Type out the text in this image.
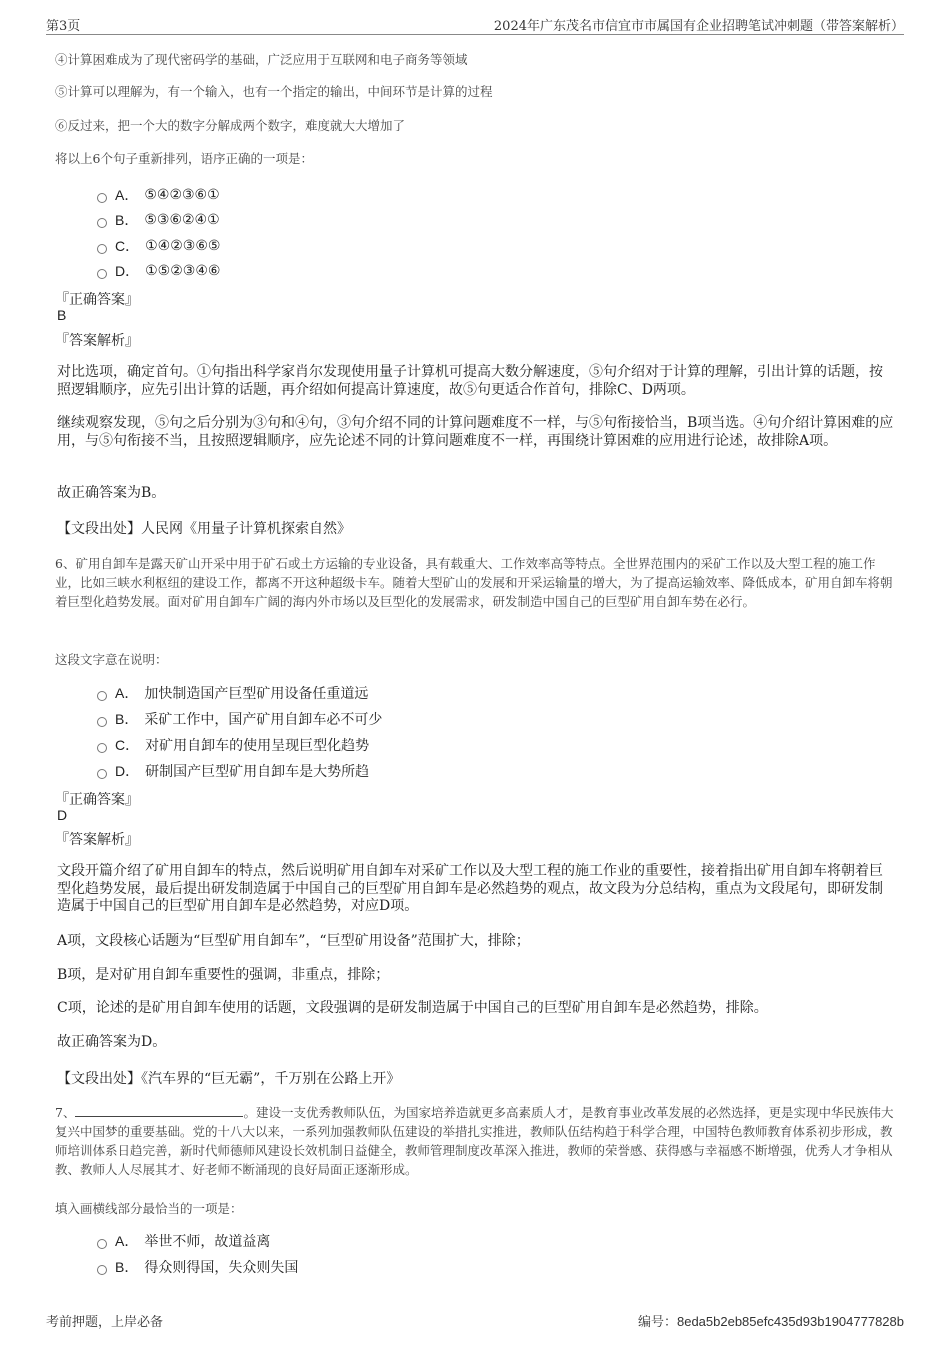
第3页	2024年广东茂名市信宜市市属国有企业招聘笔试冲刺题（带答案解析）
④计算困难成为了现代密码学的基础，广泛应用于互联网和电子商务等领域
⑤计算可以理解为，有一个输入，也有一个指定的输出，中间环节是计算的过程
⑥反过来，把一个大的数字分解成两个数字，难度就大大增加了
将以上6个句子重新排列，语序正确的一项是：
A． ⑤④②③⑥①
B． ⑤③⑥②④①
C． ①④②③⑥⑤
D． ①⑤②③④⑥
『正确答案』
B
『答案解析』
对比选项，确定首句。①句指出科学家肖尔发现使用量子计算机可提高大数分解速度，⑤句介绍对于计算的理解，引出计算的话题，按照逻辑顺序，应先引出计算的话题，再介绍如何提高计算速度，故⑤句更适合作首句，排除C、D两项。
继续观察发现，⑤句之后分别为③句和④句，③句介绍不同的计算问题难度不一样，与⑤句衔接恰当，B项当选。④句介绍计算困难的应用，与⑤句衔接不当，且按照逻辑顺序，应先论述不同的计算问题难度不一样，再围绕计算困难的应用进行论述，故排除A项。
故正确答案为B。
【文段出处】人民网《用量子计算机探索自然》
6、矿用自卸车是露天矿山开采中用于矿石或土方运输的专业设备，具有载重大、工作效率高等特点。全世界范围内的采矿工作以及大型工程的施工作业，比如三峡水利枢纽的建设工作，都离不开这种超级卡车。随着大型矿山的发展和开采运输量的增大，为了提高运输效率、降低成本，矿用自卸车将朝着巨型化趋势发展。面对矿用自卸车广阔的海内外市场以及巨型化的发展需求，研发制造中国自己的巨型矿用自卸车势在必行。
这段文字意在说明：
A． 加快制造国产巨型矿用设备任重道远
B． 采矿工作中，国产矿用自卸车必不可少
C． 对矿用自卸车的使用呈现巨型化趋势
D． 研制国产巨型矿用自卸车是大势所趋
『正确答案』
D
『答案解析』
文段开篇介绍了矿用自卸车的特点，然后说明矿用自卸车对采矿工作以及大型工程的施工作业的重要性，接着指出矿用自卸车将朝着巨型化趋势发展，最后提出研发制造属于中国自己的巨型矿用自卸车是必然趋势的观点，故文段为分总结构，重点为文段尾句，即研发制造属于中国自己的巨型矿用自卸车是必然趋势，对应D项。
A项，文段核心话题为“巨型矿用自卸车”，“巨型矿用设备”范围扩大，排除；
B项，是对矿用自卸车重要性的强调，非重点，排除；
C项，论述的是矿用自卸车使用的话题，文段强调的是研发制造属于中国自己的巨型矿用自卸车是必然趋势，排除。
故正确答案为D。
【文段出处】《汽车界的“巨无霸”，千万别在公路上开》
7、	。建设一支优秀教师队伍，为国家培养造就更多高素质人才，是教育事业改革发展的必然选择，更是实现中华民族伟大复兴中国梦的重要基础。党的十八大以来，一系列加强教师队伍建设的举措扎实推进，教师队伍结构趋于科学合理，中国特色教师教育体系初步形成，教师培训体系日趋完善，新时代师德师风建设长效机制日益健全，教师管理制度改革深入推进，教师的荣誉感、获得感与幸福感不断增强，优秀人才争相从教、教师人人尽展其才、好老师不断涌现的良好局面正逐渐形成。
填入画横线部分最恰当的一项是：
A． 举世不师，故道益离
B． 得众则得国，失众则失国
考前押题，上岸必备	编号：8eda5b2eb85efc435d93b1904777828b
